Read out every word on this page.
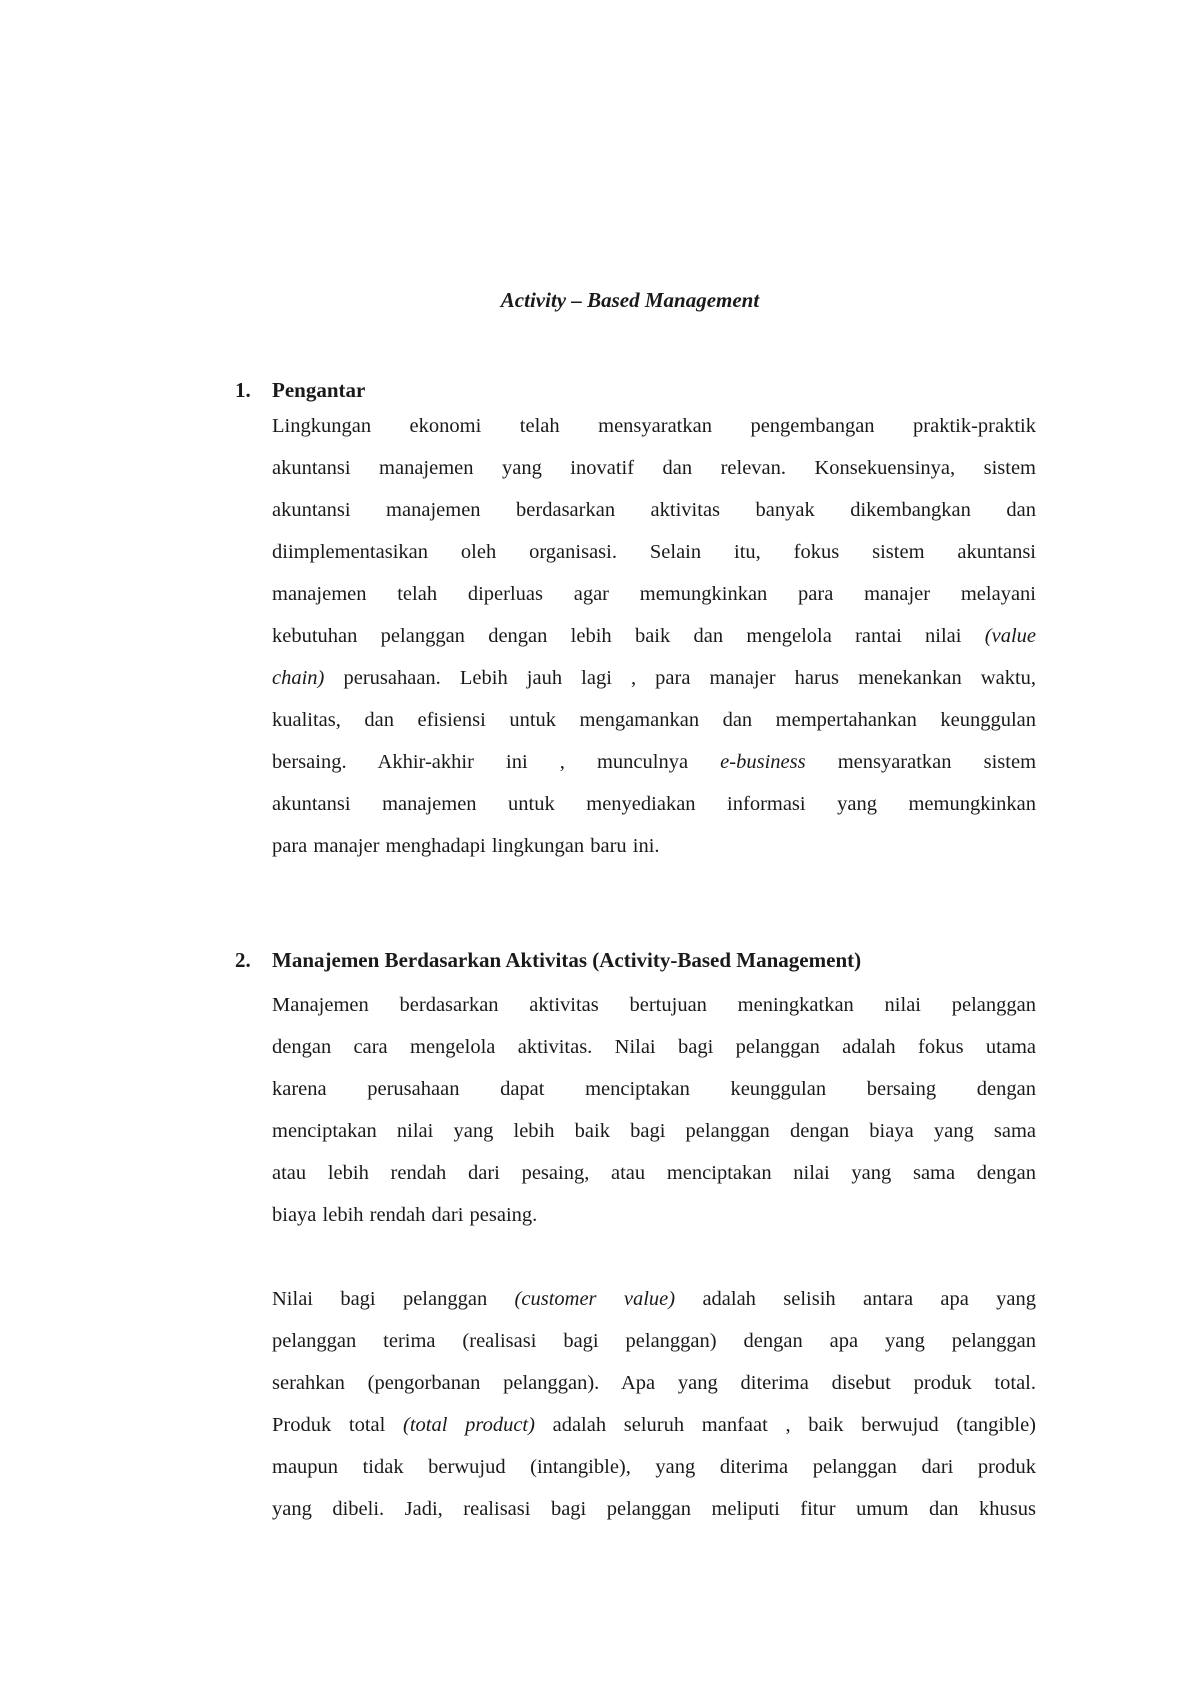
Activity – Based Management
1. Pengantar
Lingkungan ekonomi telah mensyaratkan pengembangan praktik-praktik
akuntansi manajemen yang inovatif dan relevan. Konsekuensinya, sistem
akuntansi manajemen berdasarkan aktivitas banyak dikembangkan dan
diimplementasikan oleh organisasi. Selain itu, fokus sistem akuntansi
manajemen telah diperluas agar memungkinkan para manajer melayani
kebutuhan pelanggan dengan lebih baik dan mengelola rantai nilai (value
chain) perusahaan. Lebih jauh lagi , para manajer harus menekankan waktu,
kualitas, dan efisiensi untuk mengamankan dan mempertahankan keunggulan
bersaing. Akhir-akhir ini , munculnya e-business mensyaratkan sistem
akuntansi manajemen untuk menyediakan informasi yang memungkinkan
para manajer menghadapi lingkungan baru ini.
2. Manajemen Berdasarkan Aktivitas (Activity-Based Management)
Manajemen berdasarkan aktivitas bertujuan meningkatkan nilai pelanggan
dengan cara mengelola aktivitas. Nilai bagi pelanggan adalah fokus utama
karena perusahaan dapat menciptakan keunggulan bersaing dengan
menciptakan nilai yang lebih baik bagi pelanggan dengan biaya yang sama
atau lebih rendah dari pesaing, atau menciptakan nilai yang sama dengan
biaya lebih rendah dari pesaing.
Nilai bagi pelanggan (customer value) adalah selisih antara apa yang
pelanggan terima (realisasi bagi pelanggan) dengan apa yang pelanggan
serahkan (pengorbanan pelanggan). Apa yang diterima disebut produk total.
Produk total (total product) adalah seluruh manfaat , baik berwujud (tangible)
maupun tidak berwujud (intangible), yang diterima pelanggan dari produk
yang dibeli. Jadi, realisasi bagi pelanggan meliputi fitur umum dan khusus
